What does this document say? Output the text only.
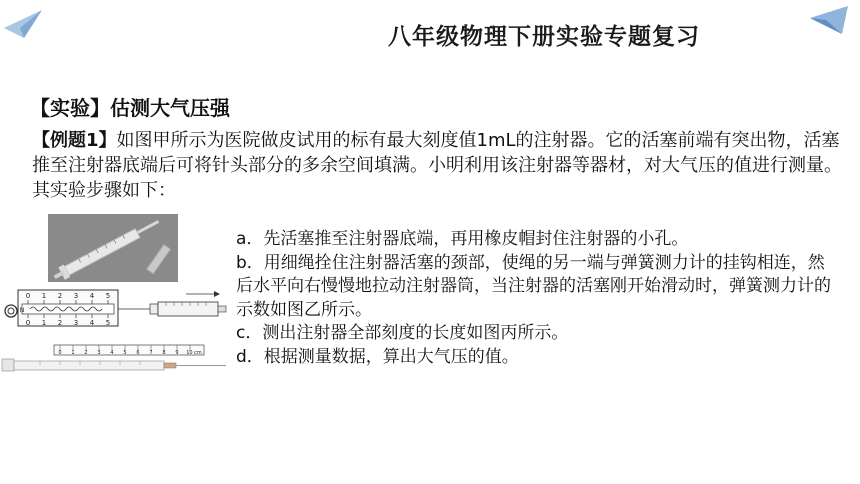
八年级物理下册实验专题复习
【实验】估测大气压强
【例题1】如图甲所示为医院做皮试用的标有最大刻度值1mL的注射器。它的活塞前端有突出物，活塞推至注射器底端后可将针头部分的多余空间填满。小明利用该注射器等器材，对大气压的值进行测量。其实验步骤如下：
0 1 2 3 4 5
0 1 2 3 4 5
N
0 1 2 3 4 5 6 7 8 9 10 cm

a．先活塞推至注射器底端，再用橡皮帽封住注射器的小孔。

b．用细绳拴住注射器活塞的颈部，使绳的另一端与弹簧测力计的挂钩相连，然后水平向右慢慢地拉动注射器筒，当注射器的活塞刚开始滑动时，弹簧测力计的示数如图乙所示。

c．测出注射器全部刻度的长度如图丙所示。

d．根据测量数据，算出大气压的值。
